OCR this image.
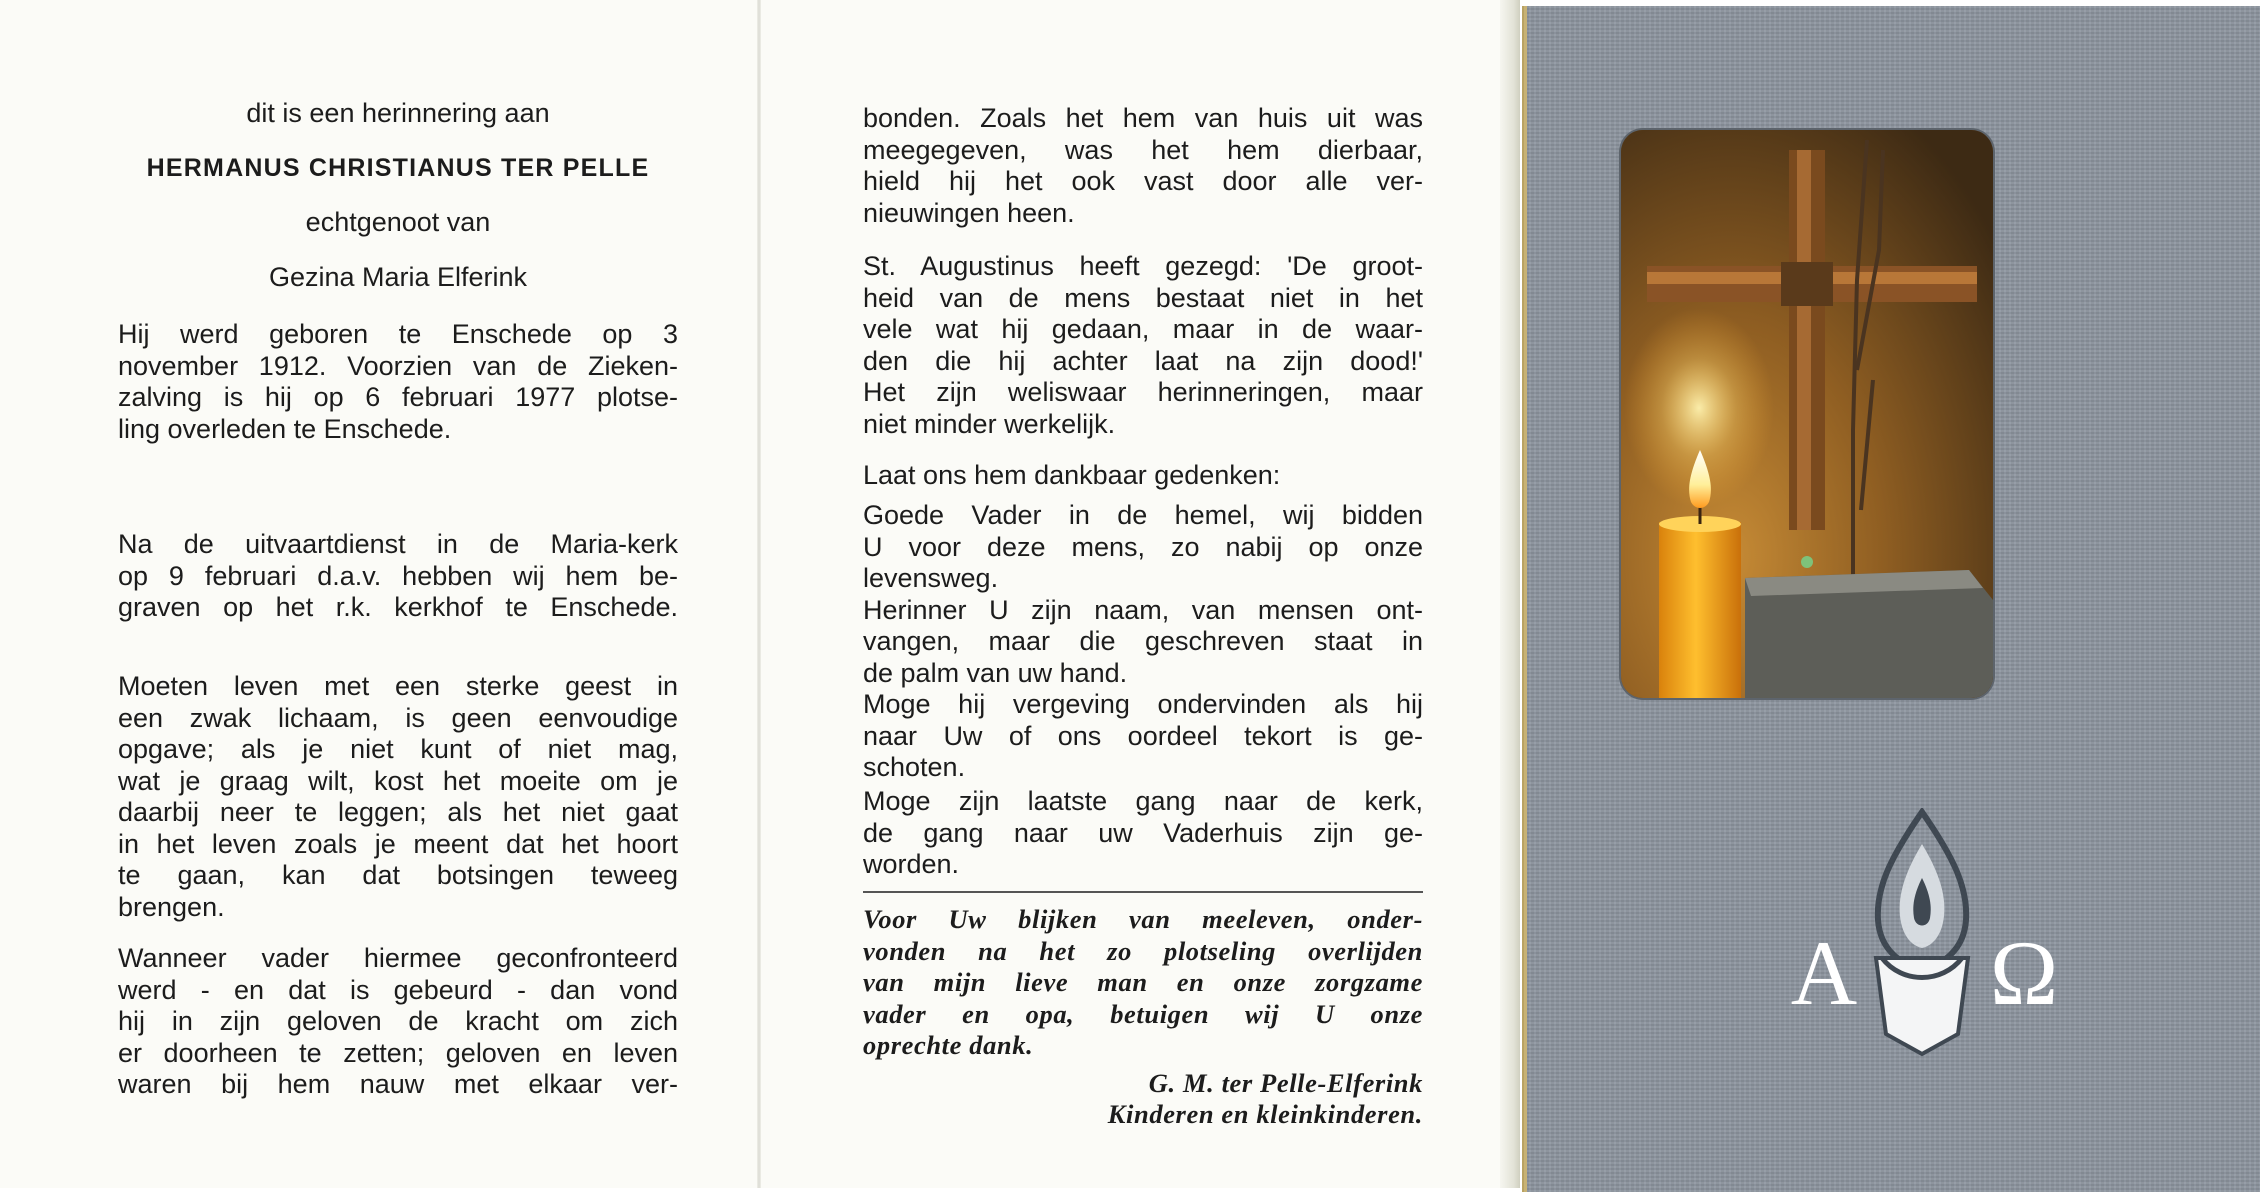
dit is een herinnering aan
HERMANUS CHRISTIANUS TER PELLE
echtgenoot van
Gezina Maria Elferink
Hij werd geboren te Enschede op 3
november 1912. Voorzien van de Zieken-
zalving is hij op 6 februari 1977 plotse-
ling overleden te Enschede.
Na de uitvaartdienst in de Maria-kerk
op 9 februari d.a.v. hebben wij hem be-
graven op het r.k. kerkhof te Enschede.
Moeten leven met een sterke geest in
een zwak lichaam, is geen eenvoudige
opgave; als je niet kunt of niet mag,
wat je graag wilt, kost het moeite om je
daarbij neer te leggen; als het niet gaat
in het leven zoals je meent dat het hoort
te gaan, kan dat botsingen teweeg
brengen.
Wanneer vader hiermee geconfronteerd
werd - en dat is gebeurd - dan vond
hij in zijn geloven de kracht om zich
er doorheen te zetten; geloven en leven
waren bij hem nauw met elkaar ver-
bonden. Zoals het hem van huis uit was
meegegeven, was het hem dierbaar,
hield hij het ook vast door alle ver-
nieuwingen heen.
St. Augustinus heeft gezegd: 'De groot-
heid van de mens bestaat niet in het
vele wat hij gedaan, maar in de waar-
den die hij achter laat na zijn dood!'
Het zijn weliswaar herinneringen, maar
niet minder werkelijk.
Laat ons hem dankbaar gedenken:
Goede Vader in de hemel, wij bidden
U voor deze mens, zo nabij op onze
levensweg.
Herinner U zijn naam, van mensen ont-
vangen, maar die geschreven staat in
de palm van uw hand.
Moge hij vergeving ondervinden als hij
naar Uw of ons oordeel tekort is ge-
schoten.
Moge zijn laatste gang naar de kerk,
de gang naar uw Vaderhuis zijn ge-
worden.
Voor Uw blijken van meeleven, onder-
vonden na het zo plotseling overlijden
van mijn lieve man en onze zorgzame
vader en opa, betuigen wij U onze
oprechte dank.
G. M. ter Pelle-Elferink
Kinderen en kleinkinderen.
A Ω
